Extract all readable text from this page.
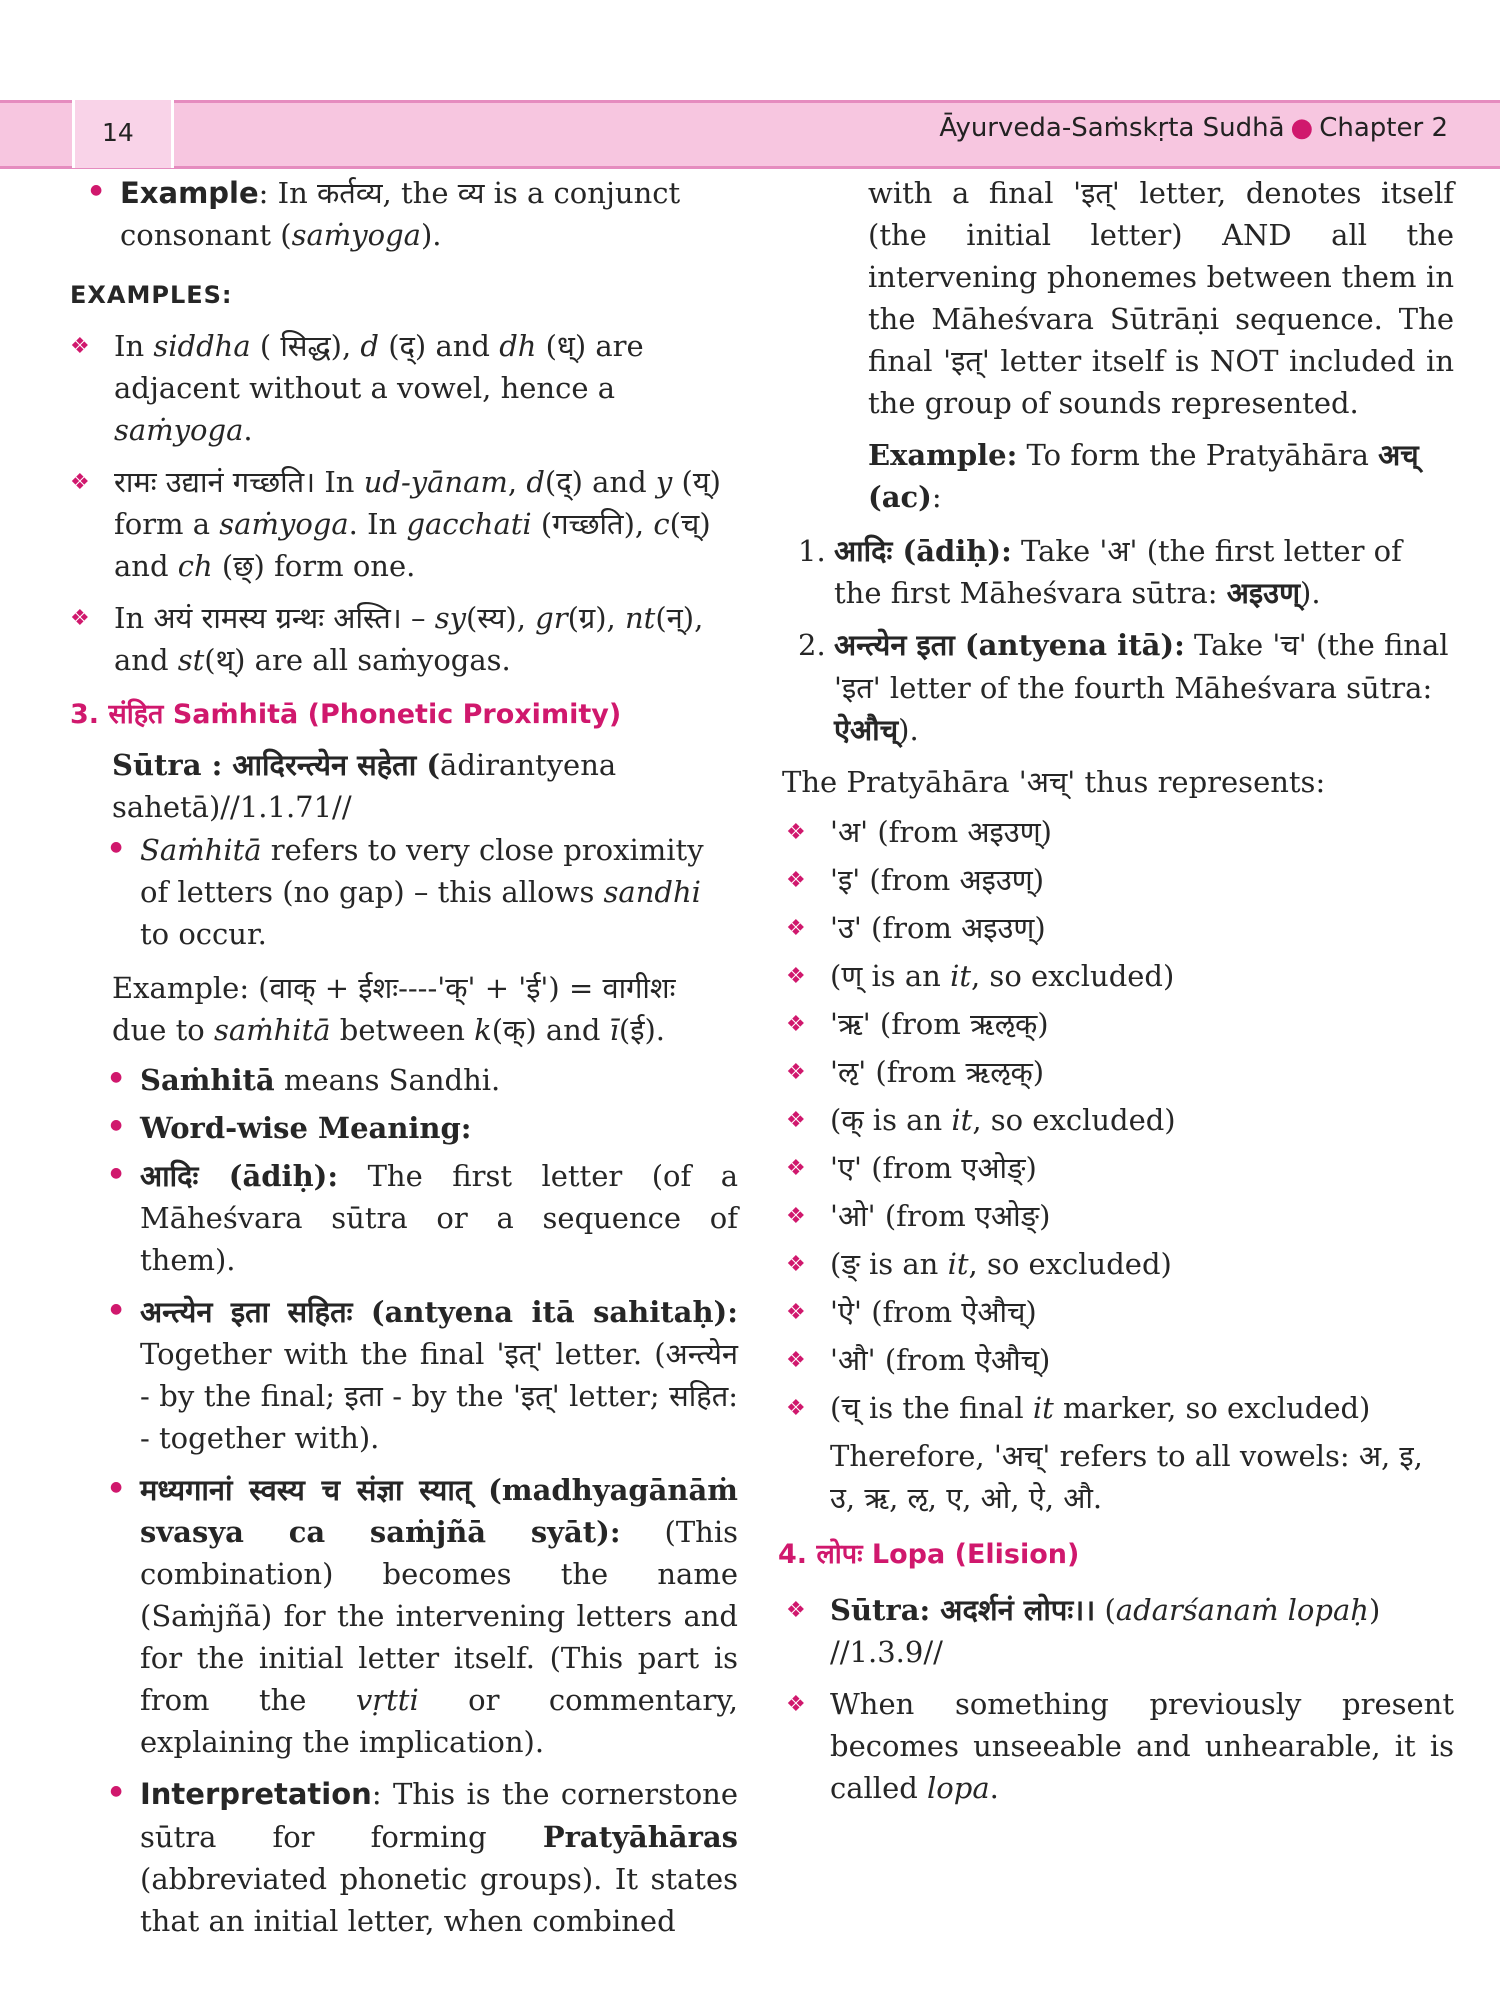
14	Āyurveda-Saṁskṛta Sudhā ● Chapter 2

● Example: In कर्तव्य, the व्य is a conjunct consonant (saṁyoga).

EXAMPLES:

❖ In siddha ( सिद्ध), d (द्) and dh (ध्) are adjacent without a vowel, hence a saṁyoga.

❖ रामः उद्यानं गच्छति। In ud-yānam, d(द्) and y (य्) form a saṁyoga. In gacchati (गच्छति), c(च्) and ch (छ्) form one.

❖ In अयं रामस्य ग्रन्थः अस्ति। – sy(स्य), gr(ग्र), nt(न्), and st(थ्) are all saṁyogas.

3. संहित Saṁhitā (Phonetic Proximity)

Sūtra : आदिरन्त्येन सहेता (ādirantyena sahetā)//1.1.71//

● Saṁhitā refers to very close proximity of letters (no gap) – this allows sandhi to occur.

Example: (वाक् + ईशः----'क्' + 'ई') = वागीशः due to saṁhitā between k(क्) and ī(ई).

● Saṁhitā means Sandhi.

● Word-wise Meaning:

● आदिः (ādiḥ): The first letter (of a Māheśvara sūtra or a sequence of them).

● अन्त्येन इता सहितः (antyena itā sahitaḥ): Together with the final 'इत्' letter. (अन्त्येन - by the final; इता - by the 'इत्' letter; सहित: - together with).

● मध्यगानां स्वस्य च संज्ञा स्यात् (madhyagānāṁ svasya ca saṁjñā syāt): (This combination) becomes the name (Saṁjñā) for the intervening letters and for the initial letter itself. (This part is from the vṛtti or commentary, explaining the implication).

● Interpretation: This is the cornerstone sūtra for forming Pratyāhāras (abbreviated phonetic groups). It states that an initial letter, when combined

with a final 'इत्' letter, denotes itself (the initial letter) AND all the intervening phonemes between them in the Māheśvara Sūtrāṇi sequence. The final 'इत्' letter itself is NOT included in the group of sounds represented.

Example: To form the Pratyāhāra अच् (ac):

1. आदिः (ādiḥ): Take 'अ' (the first letter of the first Māheśvara sūtra: अइउण्).

2. अन्त्येन इता (antyena itā): Take 'च' (the final 'इत' letter of the fourth Māheśvara sūtra: ऐऔच्).

The Pratyāhāra 'अच्' thus represents:

❖ 'अ' (from अइउण्)

❖ 'इ' (from अइउण्)

❖ 'उ' (from अइउण्)

❖ (ण् is an it, so excluded)

❖ 'ऋ' (from ऋऌक्)

❖ 'ऌ' (from ऋऌक्)

❖ (क् is an it, so excluded)

❖ 'ए' (from एओङ्)

❖ 'ओ' (from एओङ्)

❖ (ङ् is an it, so excluded)

❖ 'ऐ' (from ऐऔच्)

❖ 'औ' (from ऐऔच्)

❖ (च् is the final it marker, so excluded)

Therefore, 'अच्' refers to all vowels: अ, इ, उ, ऋ, ऌ, ए, ओ, ऐ, औ.

4. लोपः Lopa (Elision)

❖ Sūtra: अदर्शनं लोपः।। (adarśanaṁ lopaḥ)
//1.3.9//

❖ When something previously present becomes unseeable and unhearable, it is called lopa.
